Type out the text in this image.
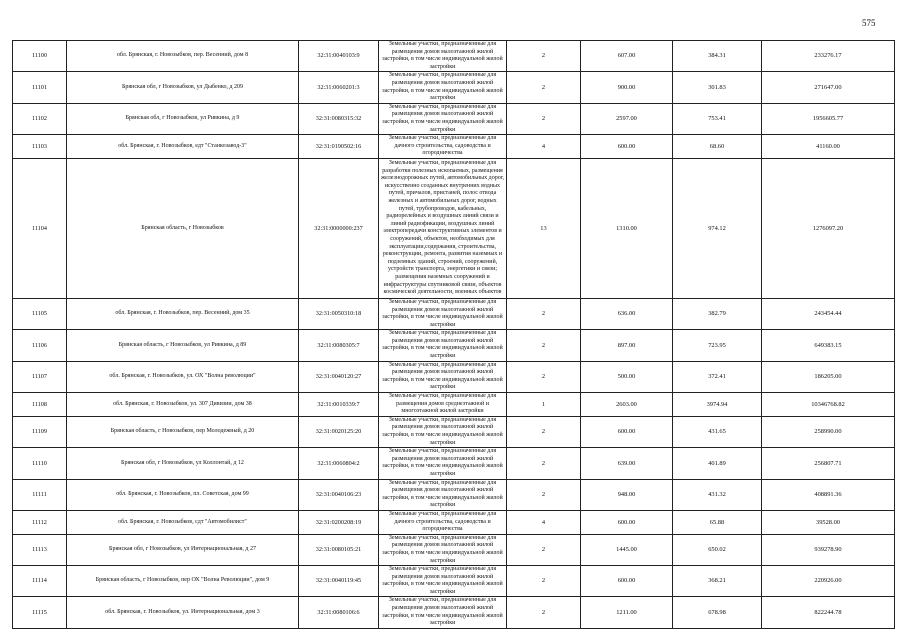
575
11100	обл. Брянская, г. Новозыбков, пер. Весенний, дом 8	32:31:0040103:9	Земельные участки, предназначенные для размещения домов малоэтажной жилой застройки, в том числе индивидуальной жилой застройки	2	607.00	384.31	233276.17
11101	Брянская обл, г Новозыбков, ул Дыбенко, д 209	32:31:0060201:3	Земельные участки, предназначенные для размещения домов малоэтажной жилой застройки, в том числе индивидуальной жилой застройки	2	900.00	301.83	271647.00
11102	Брянская обл, г Новозыбков, ул Ривкина, д 9	32:31:0080315:32	Земельные участки, предназначенные для размещения домов малоэтажной жилой застройки, в том числе индивидуальной жилой застройки	2	2597.00	753.41	1956605.77
11103	обл. Брянская, г. Новозыбков, едт "Станкозавод-3"	32:31:0190502:16	Земельные участки, предназначенные для дачного строительства, садоводства и огородничества	4	600.00	68.60	41160.00
11104	Брянская область, г Новозыбков	32:31:0000000:237	Земельные участки, предназначенные для разработки полезных ископаемых, размещения железнодорожных путей, автомобильных дорог, искусственно созданных внутренних водных путей, причалов, пристаней, полос отвода железных и автомобильных дорог, водных путей, трубопроводов, кабельных, радиорелейных и воздушных линий связи и линий радиофикации, воздушных линий электропередачи конструктивных элементов и сооружений, объектов, необходимых для эксплуатации,содержания, строительства, реконструкции, ремонта, развития наземных и подземных зданий, строений, сооружений, устройств транспорта, энергетики и связи; размещения наземных сооружений и инфраструктуры спутниковой связи, объектов космической деятельности, военных объектов	13	1310.00	974.12	1276097.20
11105	обл. Брянская, г. Новозыбков, пер. Весенний, дом 35	32:31:0050310:18	Земельные участки, предназначенные для размещения домов малоэтажной жилой застройки, в том числе индивидуальной жилой застройки	2	636.00	382.79	243454.44
11106	Брянская область, г Новозыбков, ул Ривкина, д 89	32:31:0080305:7	Земельные участки, предназначенные для размещения домов малоэтажной жилой застройки, в том числе индивидуальной жилой застройки	2	897.00	723.95	649383.15
11107	обл. Брянская, г. Новозыбков, ул. ОХ "Волна революции"	32:31:0040120:27	Земельные участки, предназначенные для размещения домов малоэтажной жилой застройки, в том числе индивидуальной жилой застройки	2	500.00	372.41	186205.00
11108	обл. Брянская, г. Новозыбков, ул. 307 Дивизии, дом 38	32:31:0010339:7	Земельные участки, предназначенные для размещения домов среднеэтажной и многоэтажной жилой застройки	1	2603.00	3974.94	10346768.82
11109	Брянская область, г Новозыбков, пер Молодежный, д 20	32:31:0020125:20	Земельные участки, предназначенные для размещения домов малоэтажной жилой застройки, в том числе индивидуальной жилой застройки	2	600.00	431.65	258990.00
11110	Брянская обл, г Новозыбков, ул Коллонтай, д 12	32:31:0060804:2	Земельные участки, предназначенные для размещения домов малоэтажной жилой застройки, в том числе индивидуальной жилой застройки	2	639.00	401.89	256807.71
11111	обл. Брянская, г. Новозыбков, пл. Советская, дом 99	32:31:0040106:23	Земельные участки, предназначенные для размещения домов малоэтажной жилой застройки, в том числе индивидуальной жилой застройки	2	948.00	431.32	408891.36
11112	обл. Брянская, г. Новозыбков, сдт "Автомобилист"	32:31:0200208:19	Земельные участки, предназначенные для дачного строительства, садоводства и огородничества	4	600.00	65.88	39528.00
11113	Брянская обл, г Новозыбков, ул Интернациональная, д 27	32:31:0080105:21	Земельные участки, предназначенные для размещения домов малоэтажной жилой застройки, в том числе индивидуальной жилой застройки	2	1445.00	650.02	939278.90
11114	Брянская область, г Новозыбков, пер ОХ "Волна Революции", дом 9	32:31:0040119:45	Земельные участки, предназначенные для размещения домов малоэтажной жилой застройки, в том числе индивидуальной жилой застройки	2	600.00	368.21	220926.00
11115	обл. Брянская, г. Новозыбков, ул. Интернациональная, дом 3	32:31:0080106:6	Земельные участки, предназначенные для размещения домов малоэтажной жилой застройки, в том числе индивидуальной жилой застройки	2	1211.00	678.98	822244.78
